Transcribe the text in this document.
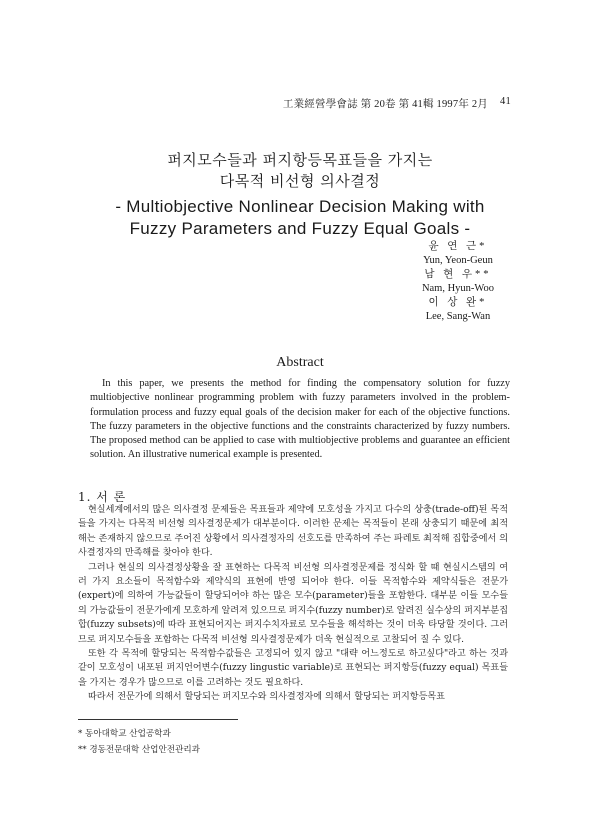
工業經營學會誌 第 20卷 第 41輯 1997年 2月 41
퍼지모수들과 퍼지항등목표들을 가지는
다목적 비선형 의사결정
- Multiobjective Nonlinear Decision Making with
Fuzzy Parameters and Fuzzy Equal Goals -
윤 연 근*
Yun, Yeon-Geun
남 현 우**
Nam, Hyun-Woo
이 상 완*
Lee, Sang-Wan
Abstract

In this paper, we presents the method for finding the compensatory solution for fuzzy multiobjective nonlinear programming problem with fuzzy parameters involved in the problem-formulation process and fuzzy equal goals of the decision maker for each of the objective functions. The fuzzy parameters in the objective functions and the constraints characterized by fuzzy numbers. The proposed method can be applied to case with multiobjective problems and guarantee an efficient solution. An illustrative numerical example is presented.

1. 서 론

현실세계에서의 많은 의사결정 문제들은 목표들과 제약에 모호성을 가지고 다수의 상충(trade-off)된 목적들을 가지는 다목적 비선형 의사결정문제가 대부분이다. 이러한 문제는 목적들이 본래 상충되기 때문에 최적해는 존재하지 않으므로 주어진 상황에서 의사결정자의 선호도를 만족하여 주는 파레토 최적해 집합중에서 의사결정자의 만족해를 찾아야 한다.

그러나 현실의 의사결정상황을 잘 표현하는 다목적 비선형 의사결정문제를 정식화 할 때 현실시스템의 여러 가지 요소들이 목적함수와 제약식의 표현에 반영 되어야 한다. 이들 목적함수와 제약식들은 전문가(expert)에 의하여 가능값들이 할당되어야 하는 많은 모수(parameter)들을 포함한다. 대부분 이들 모수들의 가능값들이 전문가에게 모호하게 알려져 있으므로 퍼지수(fuzzy number)로 알려진 실수상의 퍼지부분집합(fuzzy subsets)에 따라 표현되어지는 퍼지수치자료로 모수들을 해석하는 것이 더욱 타당할 것이다. 그러므로 퍼지모수들을 포함하는 다목적 비선형 의사결정문제가 더욱 현실적으로 고찰되어 질 수 있다.

또한 각 목적에 할당되는 목적함수값들은 고정되어 있지 않고 "대략 어느정도로 하고싶다"라고 하는 것과 같이 모호성이 내포된 퍼지언어변수(fuzzy lingustic variable)로 표현되는 퍼지항등(fuzzy equal) 목표들을 가지는 경우가 많으므로 이를 고려하는 것도 필요하다.

따라서 전문가에 의해서 할당되는 퍼지모수와 의사결정자에 의해서 할당되는 퍼지항등목표

* 동아대학교 산업공학과
** 경동전문대학 산업안전관리과
